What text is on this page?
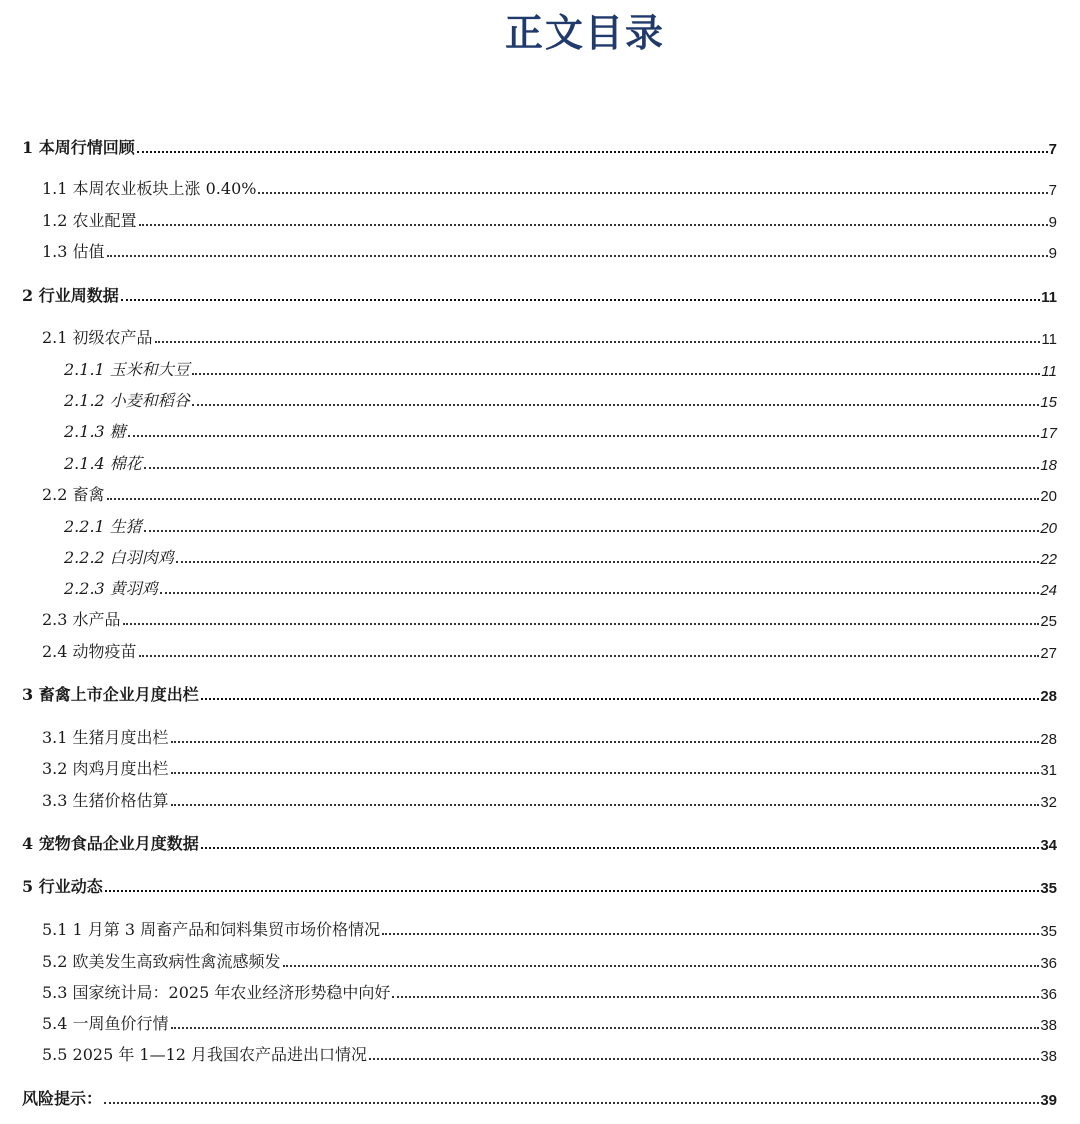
正文目录
1 本周行情回顾	7
1.1 本周农业板块上涨 0.40%	7
1.2 农业配置	9
1.3 估值	9
2 行业周数据	11
2.1 初级农产品	11
2.1.1 玉米和大豆	11
2.1.2 小麦和稻谷	15
2.1.3 糖	17
2.1.4 棉花	18
2.2 畜禽	20
2.2.1 生猪	20
2.2.2 白羽肉鸡	22
2.2.3 黄羽鸡	24
2.3 水产品	25
2.4 动物疫苗	27
3 畜禽上市企业月度出栏	28
3.1 生猪月度出栏	28
3.2 肉鸡月度出栏	31
3.3 生猪价格估算	32
4 宠物食品企业月度数据	34
5 行业动态	35
5.1 1 月第 3 周畜产品和饲料集贸市场价格情况	35
5.2 欧美发生高致病性禽流感频发	36
5.3 国家统计局：2025 年农业经济形势稳中向好	36
5.4 一周鱼价行情	38
5.5 2025 年 1—12 月我国农产品进出口情况	38
风险提示：	39
